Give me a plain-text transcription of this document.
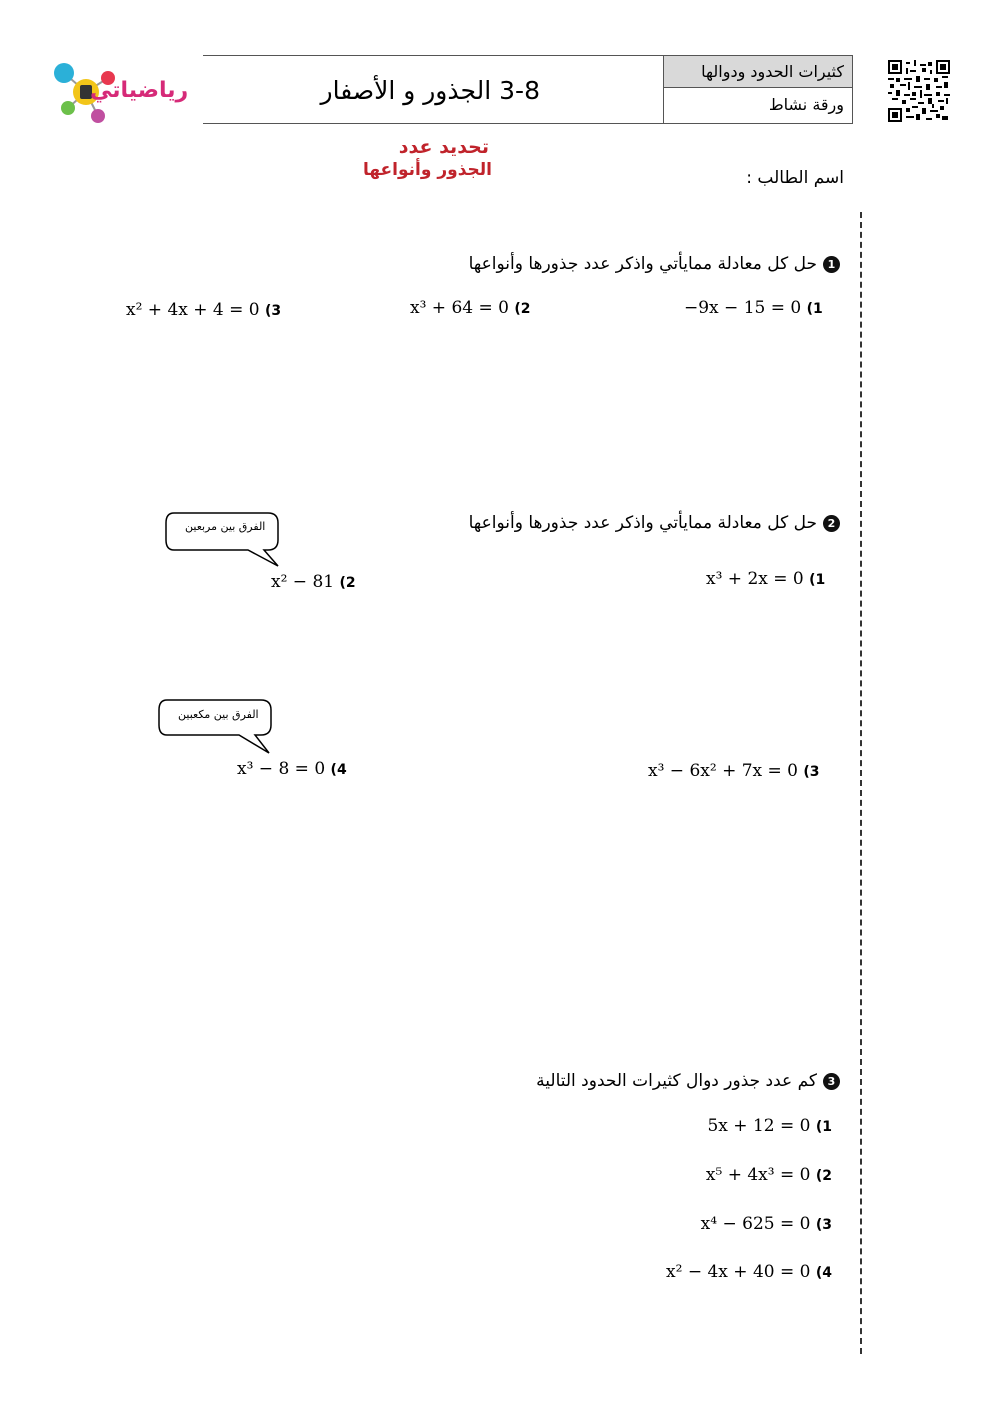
كثيرات الحدود ودوالها
ورقة نشاط
3-8 الجذور و الأصفار
رياضياتي
تحديد عدد
الجذور وأنواعها	اسم الطالب :
1حل كل معادلة ممايأتي واذكر عدد جذورها وأنواعها
−9x − 15 = 0 (1
x³ + 64 = 0 (2
x² + 4x + 4 = 0 (3
2حل كل معادلة ممايأتي واذكر عدد جذورها وأنواعها
الفرق بين مربعين
x³ + 2x = 0 (1
x² − 81 (2
الفرق بين مكعبين
x³ − 6x² + 7x = 0 (3
x³ − 8 = 0 (4
3كم عدد جذور دوال كثيرات الحدود التالية
5x + 12 = 0 (1
x⁵ + 4x³ = 0 (2
x⁴ − 625 = 0 (3
x² − 4x + 40 = 0 (4
